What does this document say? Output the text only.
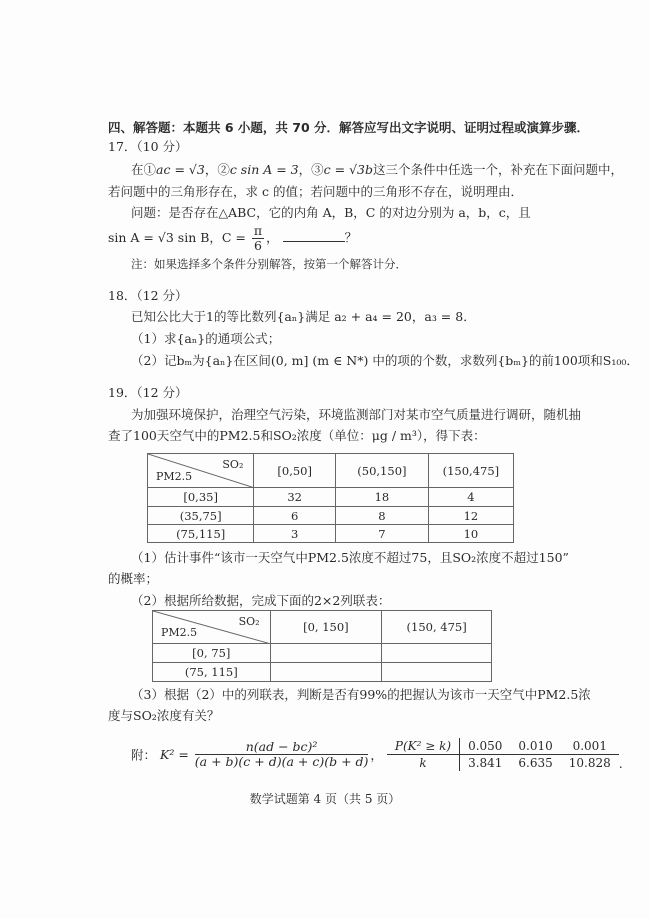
四、解答题：本题共 6 小题，共 70 分．解答应写出文字说明、证明过程或演算步骤．
17．（10 分）
在①ac = √3，②c sin A = 3，③c = √3b这三个条件中任选一个，补充在下面问题中，
若问题中的三角形存在，求 c 的值；若问题中的三角形不存在，说明理由．
问题：是否存在△ABC，它的内角 A，B，C 的对边分别为 a，b，c，且
sin A = √3 sin B，$C = \frac{\pi}{6}$ ，	？
注：如果选择多个条件分别解答，按第一个解答计分．
18．（12 分）
已知公比大于1的等比数列{aₙ}满足 a₂ + a₄ = 20，a₃ = 8．
（1）求{aₙ}的通项公式；
（2）记bₘ为{aₙ}在区间(0, m] (m ∈ N*) 中的项的个数，求数列{bₘ}的前100项和S₁₀₀．
19．（12 分）
为加强环境保护，治理空气污染，环境监测部门对某市空气质量进行调研，随机抽
查了100天空气中的PM2.5和SO₂浓度（单位：μg / m³），得下表：
SO₂
PM2.5	[0,50]	(50,150]	(150,475]
[0,35]	32	18	4
(35,75]	6	8	12
(75,115]	3	7	10
（1）估计事件“该市一天空气中PM2.5浓度不超过75，且SO₂浓度不超过150”
的概率；
（2）根据所给数据，完成下面的2×2列联表：
SO₂
PM2.5	[0, 150]	(150, 475]
[0, 75]		
(75, 115]		
（3）根据（2）中的列联表，判断是否有99%的把握认为该市一天空气中PM2.5浓
度与SO₂浓度有关？
附： $K^2 = \frac{\text{n(ad − bc)²}}{(a + b)(c + d)(a + c)(b + d)}$ ，
P(K² ≥ k)	0.050	0.010	0.001
k	3.841	6.635	10.828 .
数学试题第 4 页（共 5 页）
